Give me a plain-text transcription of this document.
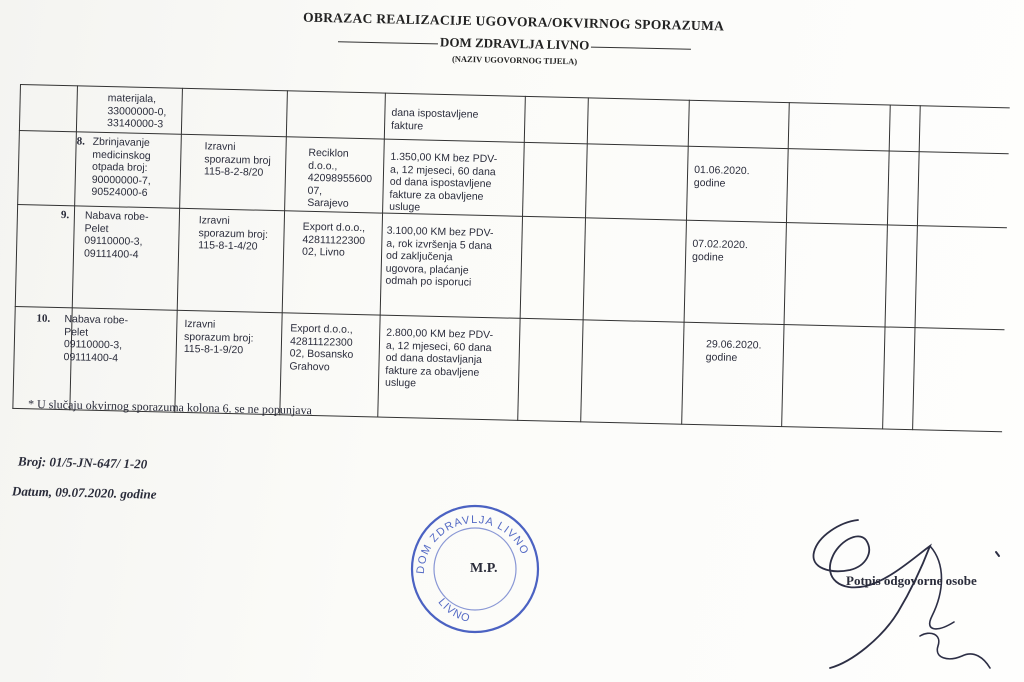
OBRAZAC REALIZACIJE UGOVORA/OKVIRNOG SPORAZUMA
DOM ZDRAVLJA LIVNO
(NAZIV UGOVORNOG TIJELA)
materijala,
33000000-0,
33140000-3
dana ispostavljene
fakture
8. Zbrinjavanje
medicinskog
otpada broj:
90000000-7,
90524000-6
Izravni
sporazum broj
115-8-2-8/20
Reciklon
d.o.o.,
42098955600
07,
Sarajevo
1.350,00 KM bez PDV-
a, 12 mjeseci, 60 dana
od dana ispostavljene
fakture za obavljene
usluge
01.06.2020.
godine
9. Nabava robe-
Pelet
09110000-3,
09111400-4
Izravni
sporazum broj:
115-8-1-4/20
Export d.o.o.,
42811122300
02, Livno
3.100,00 KM bez PDV-
a, rok izvršenja 5 dana
od zaključenja
ugovora, plaćanje
odmah po isporuci
07.02.2020.
godine
10. Nabava robe-
Pelet
09110000-3,
09111400-4
Izravni
sporazum broj:
115-8-1-9/20
Export d.o.o.,
42811122300
02, Bosansko
Grahovo
2.800,00 KM bez PDV-
a, 12 mjeseci, 60 dana
od dana dostavljanja
fakture za obavljene
usluge
29.06.2020.
godine
* U slučaju okvirnog sporazuma kolona 6. se ne popunjava
Broj: 01/5-JN-647/ 1-20
Datum, 09.07.2020. godine
DOM ZDRAVLJA LIVNO
LIVNO
M.P.
Potpis odgovorne osobe
